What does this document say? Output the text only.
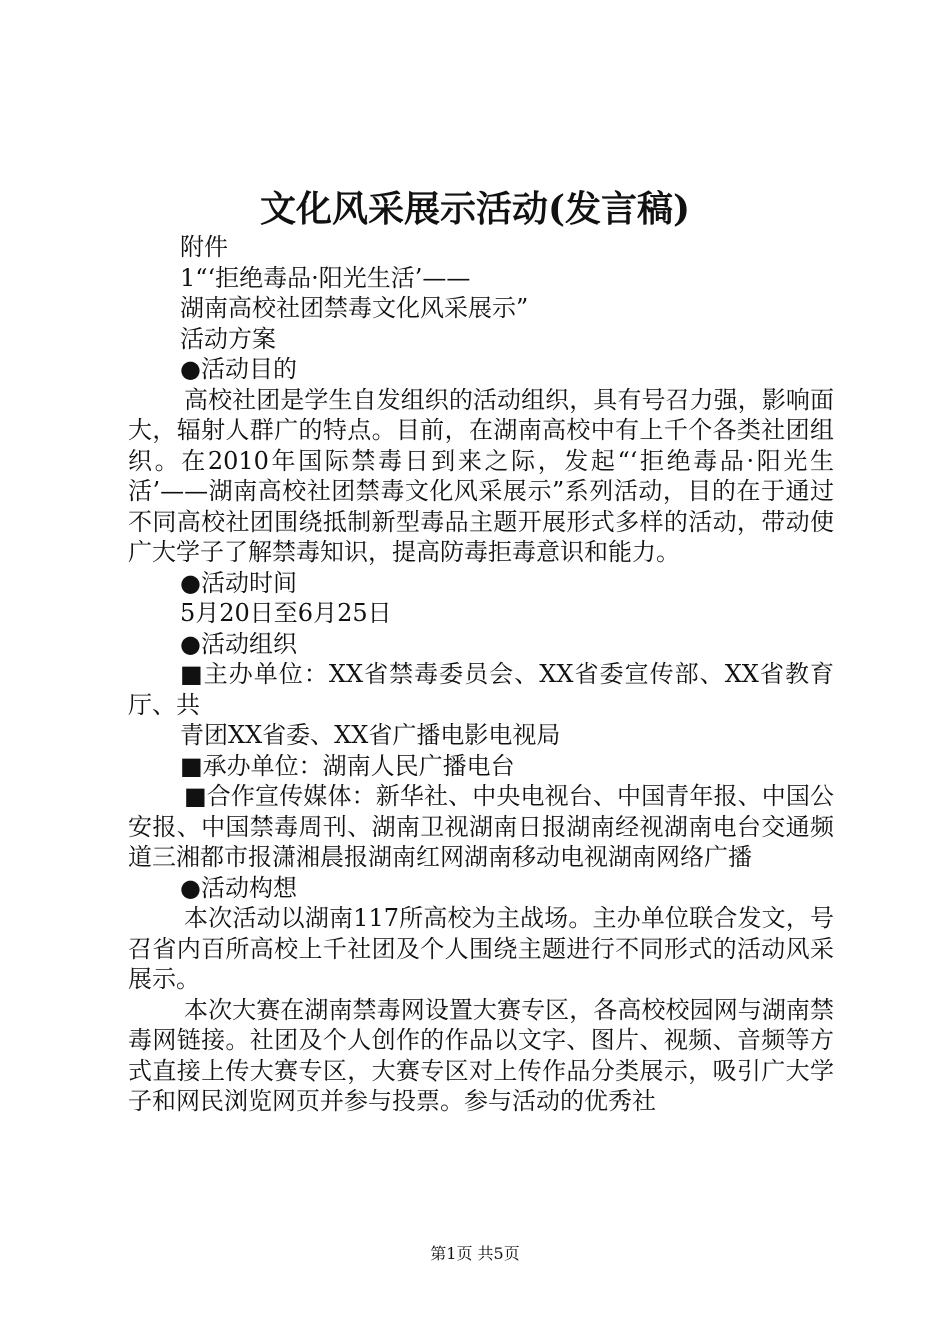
文化风采展示活动(发言稿)

附件

1“‘拒绝毒品·阳光生活’——

湖南高校社团禁毒文化风采展示”

活动方案

●活动目的

高校社团是学生自发组织的活动组织，具有号召力强，影响面大，辐射人群广的特点。目前，在湖南高校中有上千个各类社团组织。在2010年国际禁毒日到来之际，发起“‘拒绝毒品·阳光生活’——湖南高校社团禁毒文化风采展示”系列活动，目的在于通过不同高校社团围绕抵制新型毒品主题开展形式多样的活动，带动使广大学子了解禁毒知识，提高防毒拒毒意识和能力。

●活动时间

5月20日至6月25日

●活动组织

■主办单位：XX省禁毒委员会、XX省委宣传部、XX省教育厅、共

青团XX省委、XX省广播电影电视局

■承办单位：湖南人民广播电台

■合作宣传媒体：新华社、中央电视台、中国青年报、中国公安报、中国禁毒周刊、湖南卫视湖南日报湖南经视湖南电台交通频道三湘都市报潇湘晨报湖南红网湖南移动电视湖南网络广播

●活动构想

本次活动以湖南117所高校为主战场。主办单位联合发文，号召省内百所高校上千社团及个人围绕主题进行不同形式的活动风采展示。

本次大赛在湖南禁毒网设置大赛专区，各高校校园网与湖南禁毒网链接。社团及个人创作的作品以文字、图片、视频、音频等方式直接上传大赛专区，大赛专区对上传作品分类展示，吸引广大学子和网民浏览网页并参与投票。参与活动的优秀社

第1页 共5页
